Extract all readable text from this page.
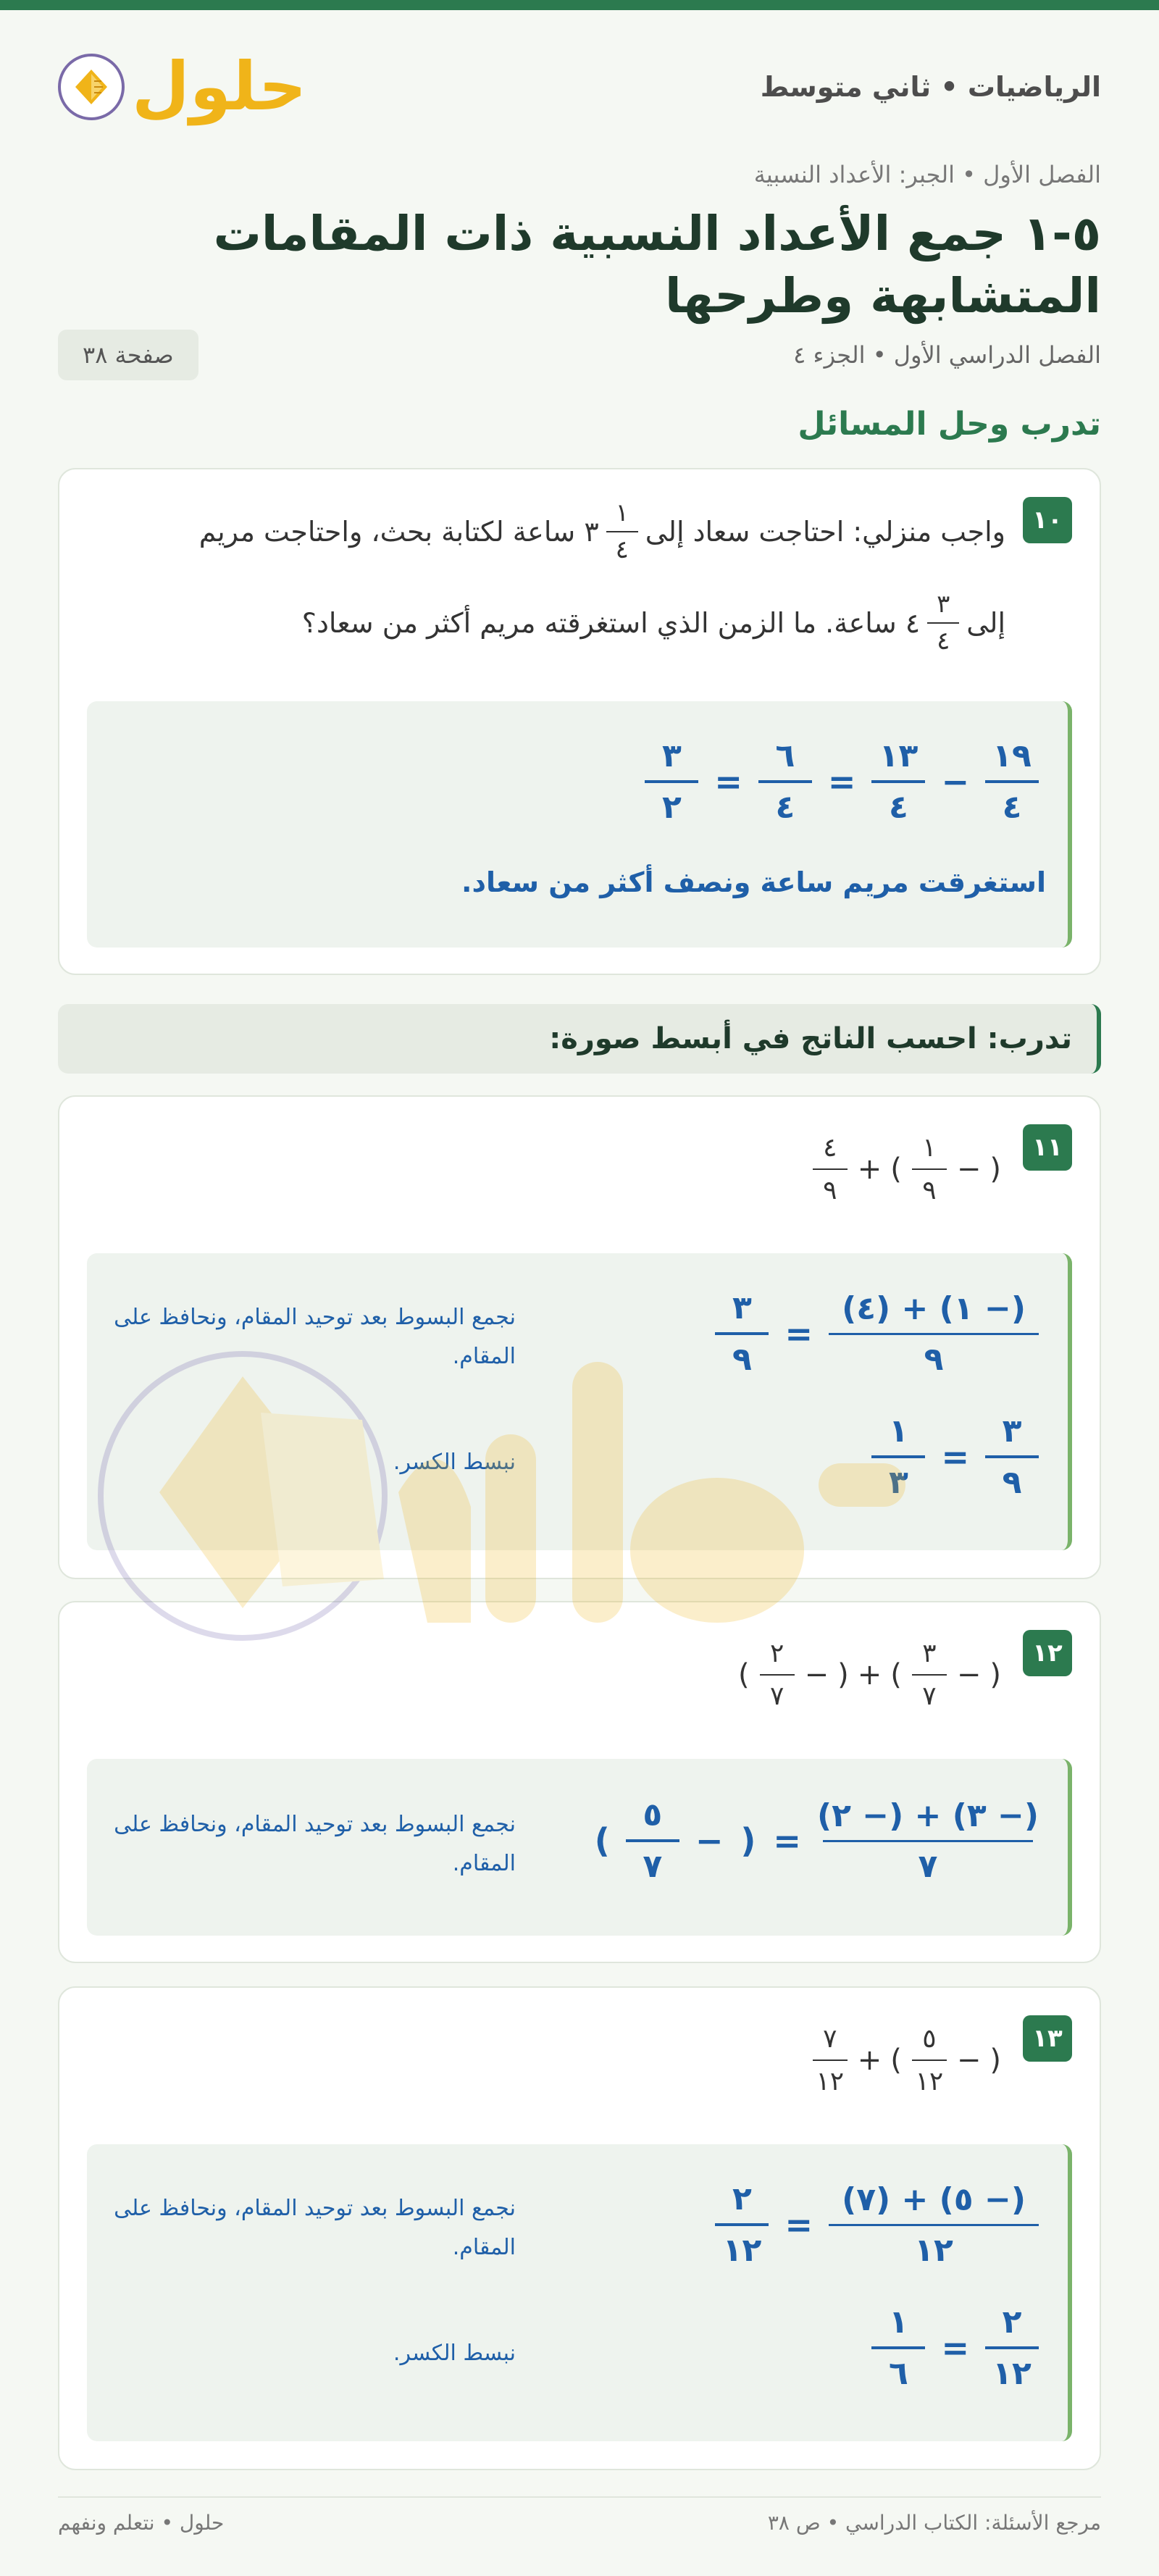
الرياضيات • ثاني متوسط
حلول
الفصل الأول • الجبر: الأعداد النسبية
٥-١ جمع الأعداد النسبية ذات المقامات المتشابهة وطرحها
الفصل الدراسي الأول • الجزء ٤
صفحة ٣٨
تدرب وحل المسائل
١٠
واجب منزلي: احتاجت سعاد إلى
١
٤
٣ ساعة لكتابة بحث، واحتاجت مريم
إلى
٣
٤
٤ ساعة. ما الزمن الذي استغرقته مريم أكثر من سعاد؟
$\frac{١٩}{٤}$
−
$\frac{١٣}{٤}$
=
$\frac{٦}{٤}$
=
$\frac{٣}{٢}$
استغرقت مريم ساعة ونصف أكثر من سعاد.
تدرب: احسب الناتج في أبسط صورة:
١١
(
−
$\frac{١}{٩}$
)
+
$\frac{٤}{٩}$
$\frac{(- ١) + (٤)}{٩}$
=
$\frac{٣}{٩}$
نجمع البسوط بعد توحيد المقام، ونحافظ على المقام.
$\frac{٣}{٩}$
=
$\frac{١}{٣}$
نبسط الكسر.
١٢
(
−
$\frac{٣}{٧}$
)
+
(
−
$\frac{٢}{٧}$
)
$\frac{(- ٣) + (- ٢)}{٧}$
=
(
−
$\frac{٥}{٧}$
)
نجمع البسوط بعد توحيد المقام، ونحافظ على المقام.
١٣
(
−
$\frac{٥}{١٢}$
)
+
$\frac{٧}{١٢}$
$\frac{(- ٥) + (٧)}{١٢}$
=
$\frac{٢}{١٢}$
نجمع البسوط بعد توحيد المقام، ونحافظ على المقام.
$\frac{٢}{١٢}$
=
$\frac{١}{٦}$
نبسط الكسر.
مرجع الأسئلة: الكتاب الدراسي • ص ٣٨
حلول • نتعلم ونفهم
